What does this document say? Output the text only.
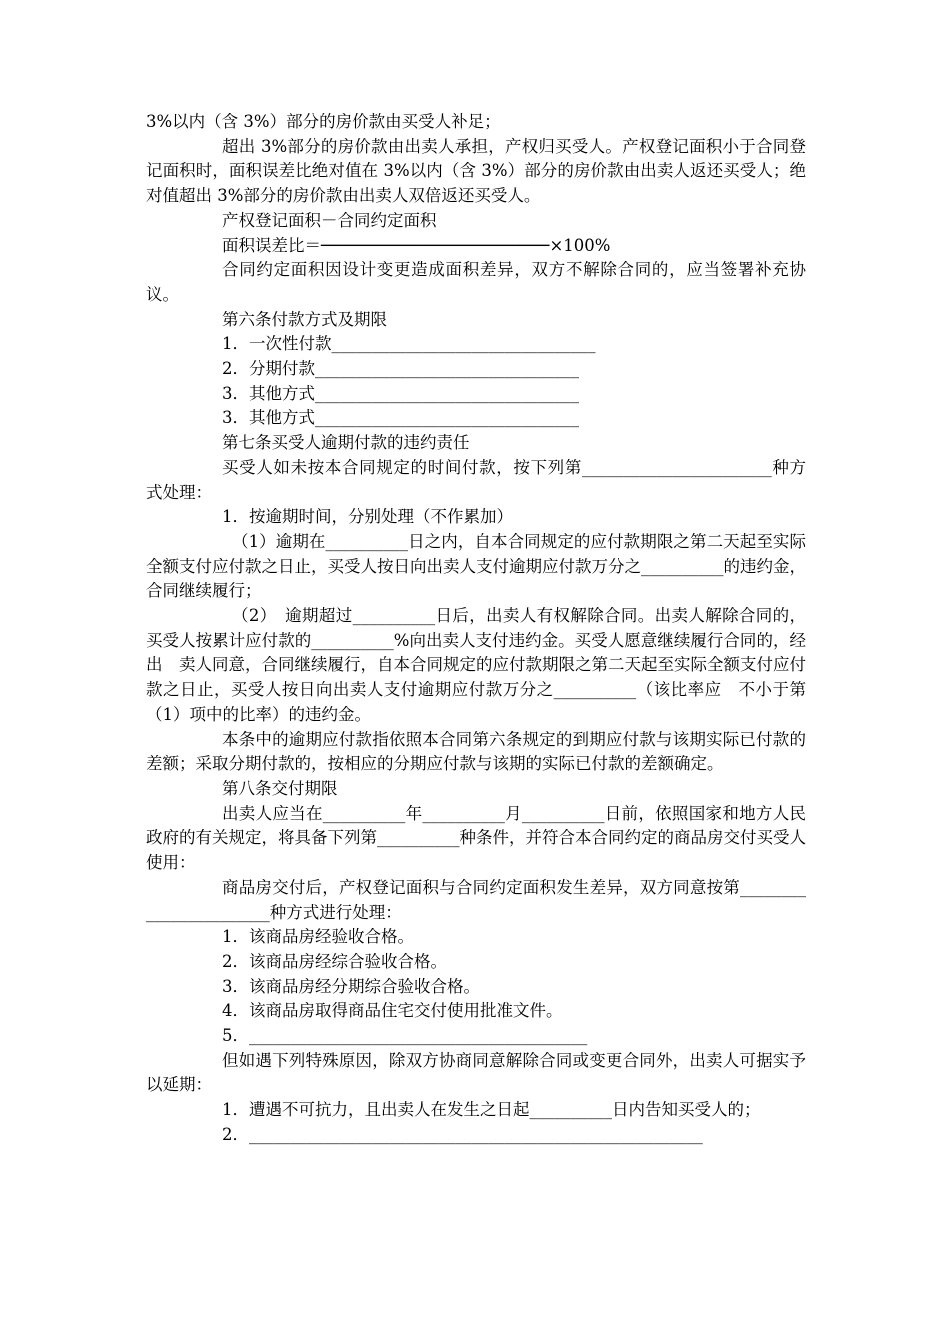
3%以内（含 3%）部分的房价款由买受人补足；

超出 3%部分的房价款由出卖人承担，产权归买受人。产权登记面积小于合同登记面积时，面积误差比绝对值在 3%以内（含 3%）部分的房价款由出卖人返还买受人；绝对值超出 3%部分的房价款由出卖人双倍返还买受人。

产权登记面积－合同约定面积

面积误差比＝───────────────────────×100%

合同约定面积因设计变更造成面积差异，双方不解除合同的，应当签署补充协议。

第六条付款方式及期限

1．一次性付款________________________________

2．分期付款________________________________

3．其他方式________________________________

3．其他方式________________________________

第七条买受人逾期付款的违约责任

买受人如未按本合同规定的时间付款，按下列第_______________________种方式处理：

1．按逾期时间，分别处理（不作累加）

（1）逾期在__________日之内，自本合同规定的应付款期限之第二天起至实际全额支付应付款之日止，买受人按日向出卖人支付逾期应付款万分之__________的违约金，合同继续履行；

（2）　逾期超过__________日后，出卖人有权解除合同。出卖人解除合同的，买受人按累计应付款的__________%向出卖人支付违约金。买受人愿意继续履行合同的，经出　卖人同意，合同继续履行，自本合同规定的应付款期限之第二天起至实际全额支付应付款之日止，买受人按日向出卖人支付逾期应付款万分之__________（该比率应　不小于第（1）项中的比率）的违约金。

本条中的逾期应付款指依照本合同第六条规定的到期应付款与该期实际已付款的差额；采取分期付款的，按相应的分期应付款与该期的实际已付款的差额确定。

第八条交付期限

出卖人应当在__________年__________月__________日前，依照国家和地方人民政府的有关规定，将具备下列第__________种条件，并符合本合同约定的商品房交付买受人使用：

商品房交付后，产权登记面积与合同约定面积发生差异，双方同意按第_______________________种方式进行处理：

1．该商品房经验收合格。

2．该商品房经综合验收合格。

3．该商品房经分期综合验收合格。

4．该商品房取得商品住宅交付使用批准文件。

5．_________________________________________

但如遇下列特殊原因，除双方协商同意解除合同或变更合同外，出卖人可据实予以延期：

1．遭遇不可抗力，且出卖人在发生之日起__________日内告知买受人的；

2．_______________________________________________________
